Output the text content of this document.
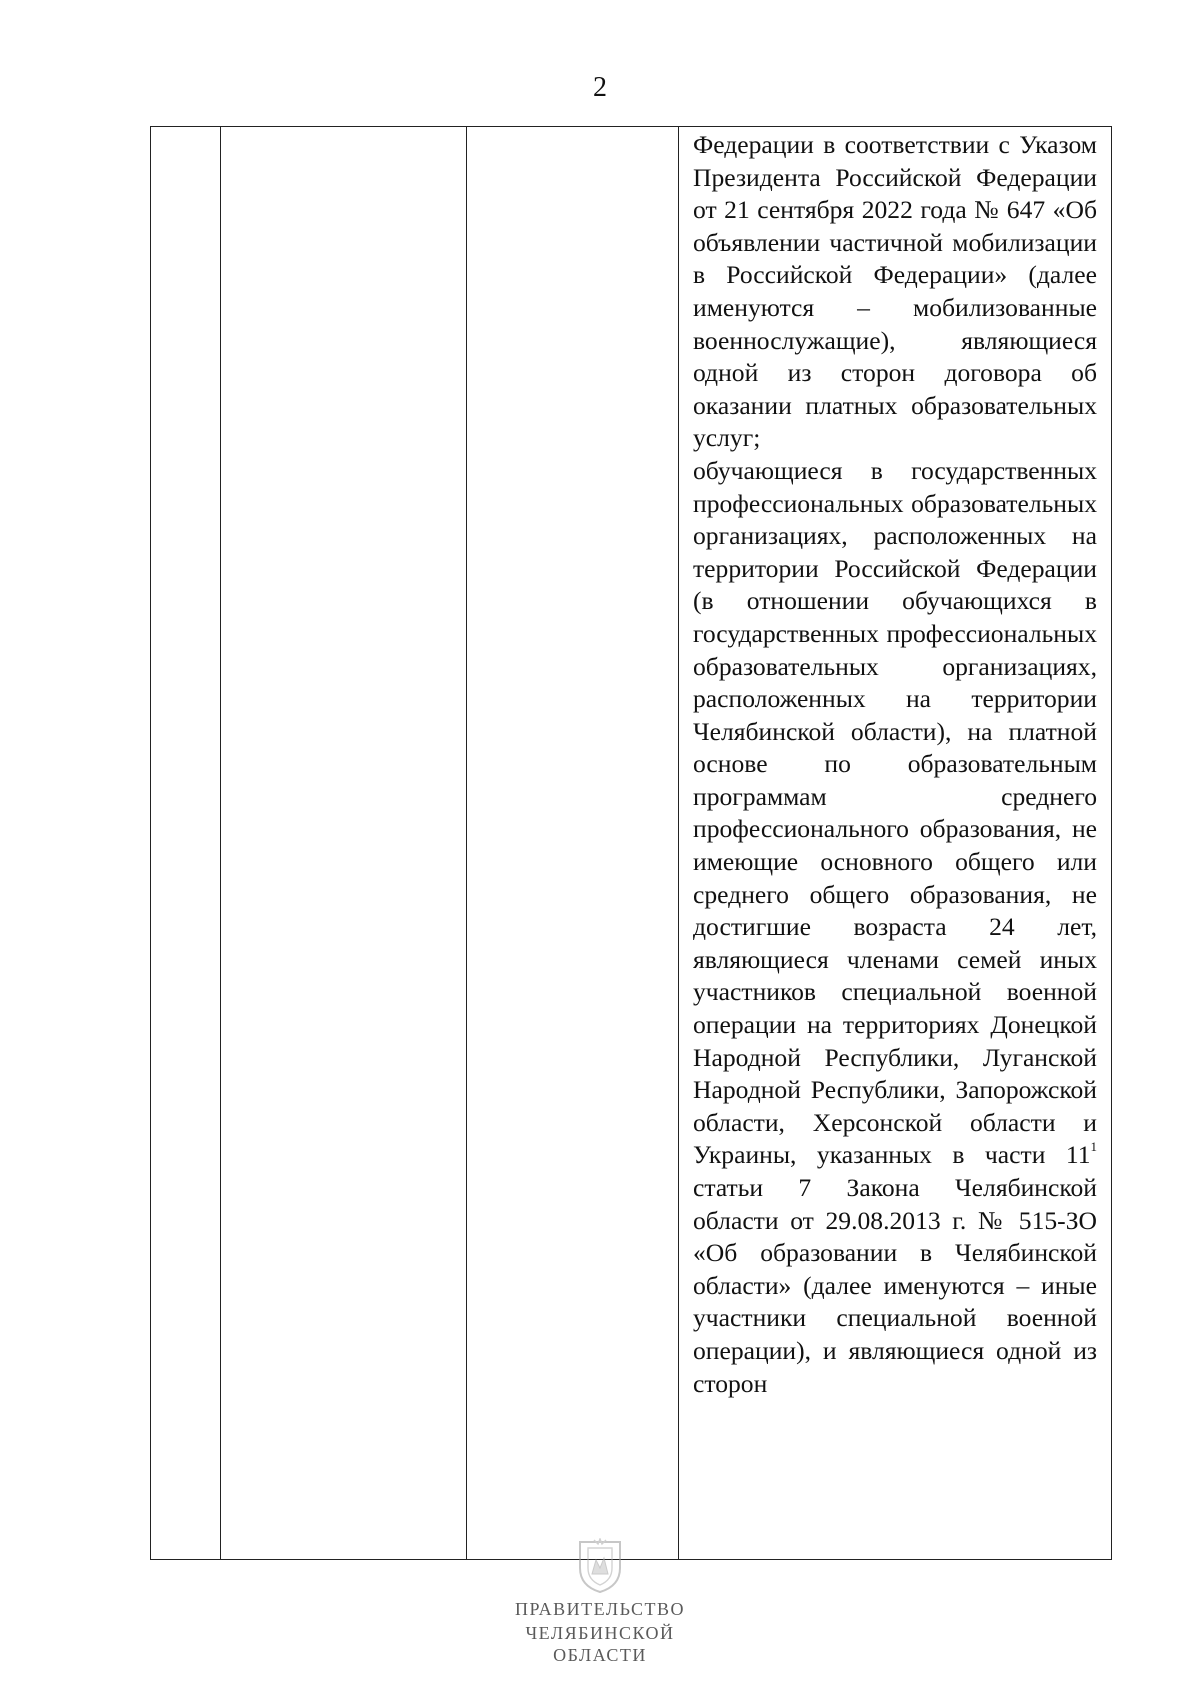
2

Федерации в соответствии с Указом Президента Российской Федерации от 21 сентября 2022 года № 647 «Об объявлении частичной мобилизации в Российской Федерации» (далее именуются – мобилизованные военнослужащие), являющиеся одной из сторон договора об оказании платных образовательных услуг;

обучающиеся в государственных профессиональных образовательных организациях, расположенных на территории Российской Федерации (в отношении обучающихся в государственных профессиональных образовательных организациях, расположенных на территории Челябинской области), на платной основе по образовательным программам среднего профессионального образования, не имеющие основного общего или среднего общего образования, не достигшие возраста 24 лет, являющиеся членами семей иных участников специальной военной операции на территориях Донецкой Народной Республики, Луганской Народной Республики, Запорожской области, Херсонской области и Украины, указанных в части $11^1$ статьи 7 Закона Челябинской области от 29.08.2013 г. № 515-ЗО «Об образовании в Челябинской области» (далее именуются – иные участники специальной военной операции), и являющиеся одной из сторон

ПРАВИТЕЛЬСТВО
ЧЕЛЯБИНСКОЙ ОБЛАСТИ
